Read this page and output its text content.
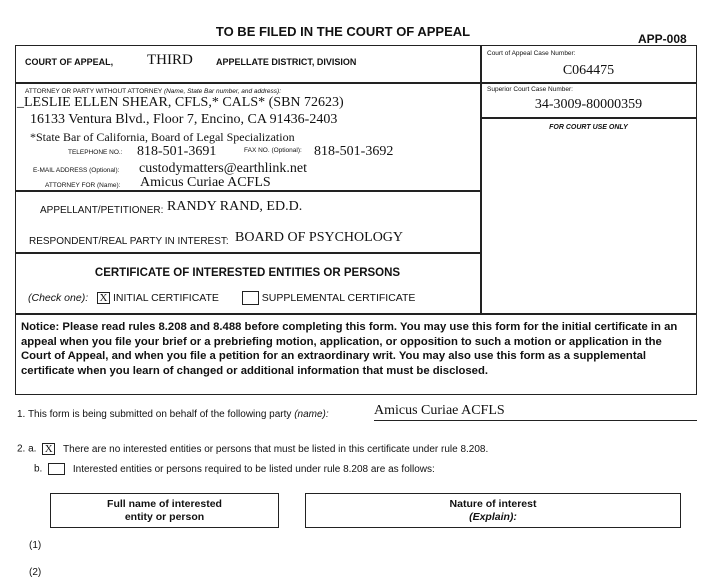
TO BE FILED IN THE COURT OF APPEAL	APP-008
COURT OF APPEAL, THIRD	APPELLATE DISTRICT, DIVISION
Court of Appeal Case Number:
C064475
Superior Court Case Number:
34-3009-80000359
FOR COURT USE ONLY
ATTORNEY OR PARTY WITHOUT ATTORNEY (Name, State Bar number, and address):
_LESLIE ELLEN SHEAR, CFLS,* CALS* (SBN 72623)
16133 Ventura Blvd., Floor 7, Encino, CA 91436-2403
*State Bar of California, Board of Legal Specialization
TELEPHONE NO.: 818-501-3691	FAX NO. (Optional): 818-501-3692
E-MAIL ADDRESS (Optional): custodymatters@earthlink.net
ATTORNEY FOR (Name): Amicus Curiae ACFLS
APPELLANT/PETITIONER: RANDY RAND, ED.D.
RESPONDENT/REAL PARTY IN INTEREST: BOARD OF PSYCHOLOGY
CERTIFICATE OF INTERESTED ENTITIES OR PERSONS
(Check one): X INITIAL CERTIFICATE	SUPPLEMENTAL CERTIFICATE
Notice: Please read rules 8.208 and 8.488 before completing this form. You may use this form for the initial certificate in an appeal when you file your brief or a prebriefing motion, application, or opposition to such a motion or application in the Court of Appeal, and when you file a petition for an extraordinary writ. You may also use this form as a supplemental certificate when you learn of changed or additional information that must be disclosed.
1. This form is being submitted on behalf of the following party (name):	Amicus Curiae ACFLS
2. a. X There are no interested entities or persons that must be listed in this certificate under rule 8.208.
b.	Interested entities or persons required to be listed under rule 8.208 are as follows:
Full name of interested
entity or person
Nature of interest
(Explain):
(1)
(2)
